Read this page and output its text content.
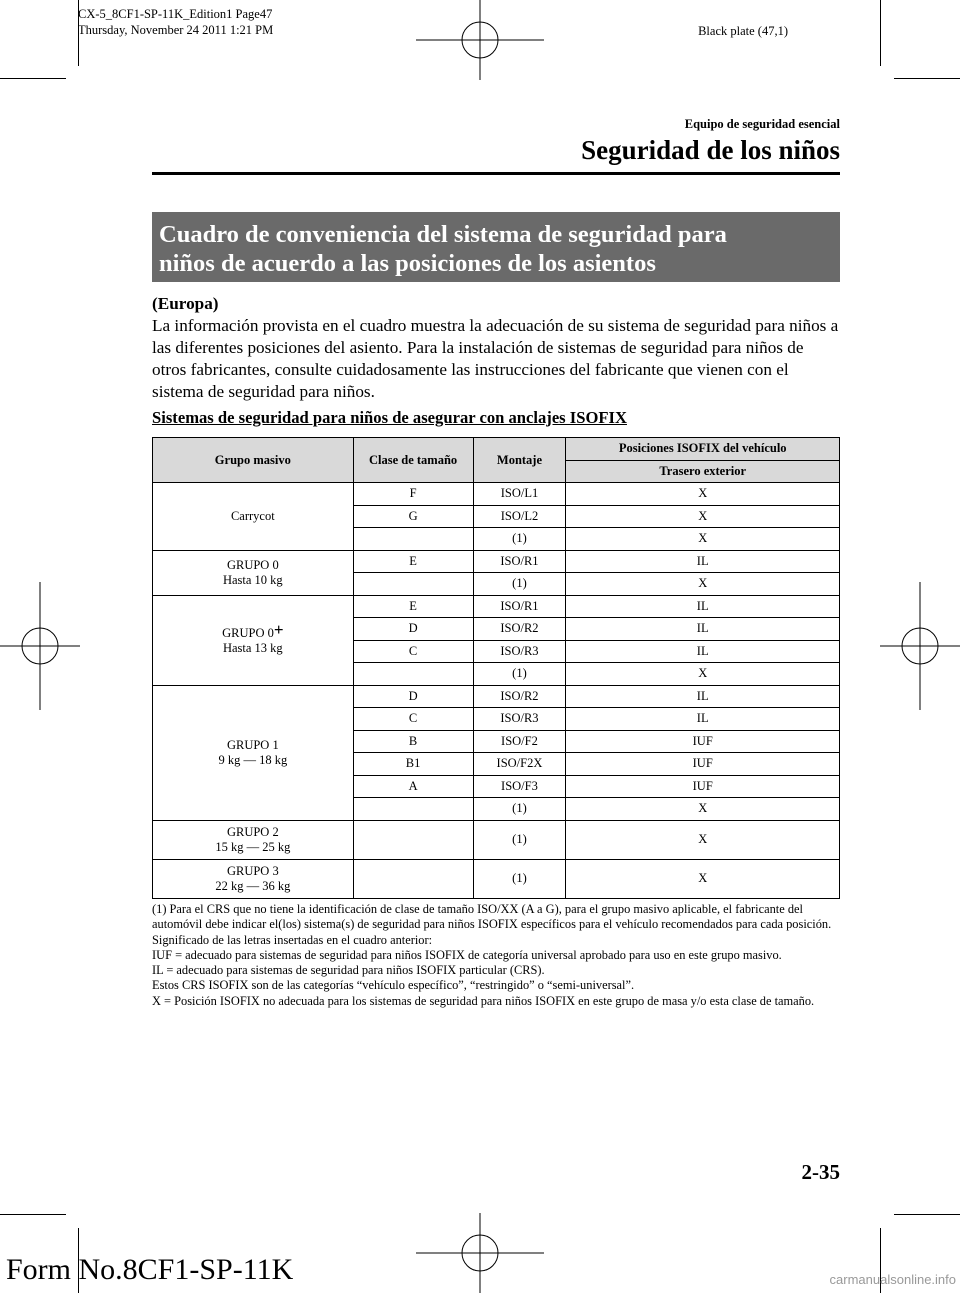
CX-5_8CF1-SP-11K_Edition1 Page47
Thursday, November 24 2011 1:21 PM	Black plate (47,1)
Equipo de seguridad esencial
Seguridad de los niños
Cuadro de conveniencia del sistema de seguridad para
niños de acuerdo a las posiciones de los asientos
(Europa)
La información provista en el cuadro muestra la adecuación de su sistema de seguridad para niños a las diferentes posiciones del asiento. Para la instalación de sistemas de seguridad para niños de otros fabricantes, consulte cuidadosamente las instrucciones del fabricante que vienen con el sistema de seguridad para niños.
Sistemas de seguridad para niños de asegurar con anclajes ISOFIX
Grupo masivo	Clase de tamaño	Montaje	Posiciones ISOFIX del vehículo
			Trasero exterior

Carrycot	F	ISO/L1	X
	G	ISO/L2	X
		(1)	X

GRUPO 0
Hasta 10 kg	E	ISO/R1	IL
		(1)	X

GRUPO 0+
Hasta 13 kg	E	ISO/R1	IL
	D	ISO/R2	IL
	C	ISO/R3	IL
		(1)	X

GRUPO 1
9 kg ― 18 kg	D	ISO/R2	IL
	C	ISO/R3	IL
	B	ISO/F2	IUF
	B1	ISO/F2X	IUF
	A	ISO/F3	IUF
		(1)	X

GRUPO 2
15 kg ― 25 kg		(1)	X

GRUPO 3
22 kg ― 36 kg		(1)	X
(1) Para el CRS que no tiene la identificación de clase de tamaño ISO/XX (A a G), para el grupo masivo aplicable, el fabricante del automóvil debe indicar el(los) sistema(s) de seguridad para niños ISOFIX específicos para el vehículo recomendados para cada posición.
Significado de las letras insertadas en el cuadro anterior:
IUF = adecuado para sistemas de seguridad para niños ISOFIX de categoría universal aprobado para uso en este grupo masivo.
IL = adecuado para sistemas de seguridad para niños ISOFIX particular (CRS).
Estos CRS ISOFIX son de las categorías “vehículo específico”, “restringido” o “semi-universal”.
X = Posición ISOFIX no adecuada para los sistemas de seguridad para niños ISOFIX en este grupo de masa y/o esta clase de tamaño.
2-35
Form No.8CF1-SP-11K	carmanualsonline.info
